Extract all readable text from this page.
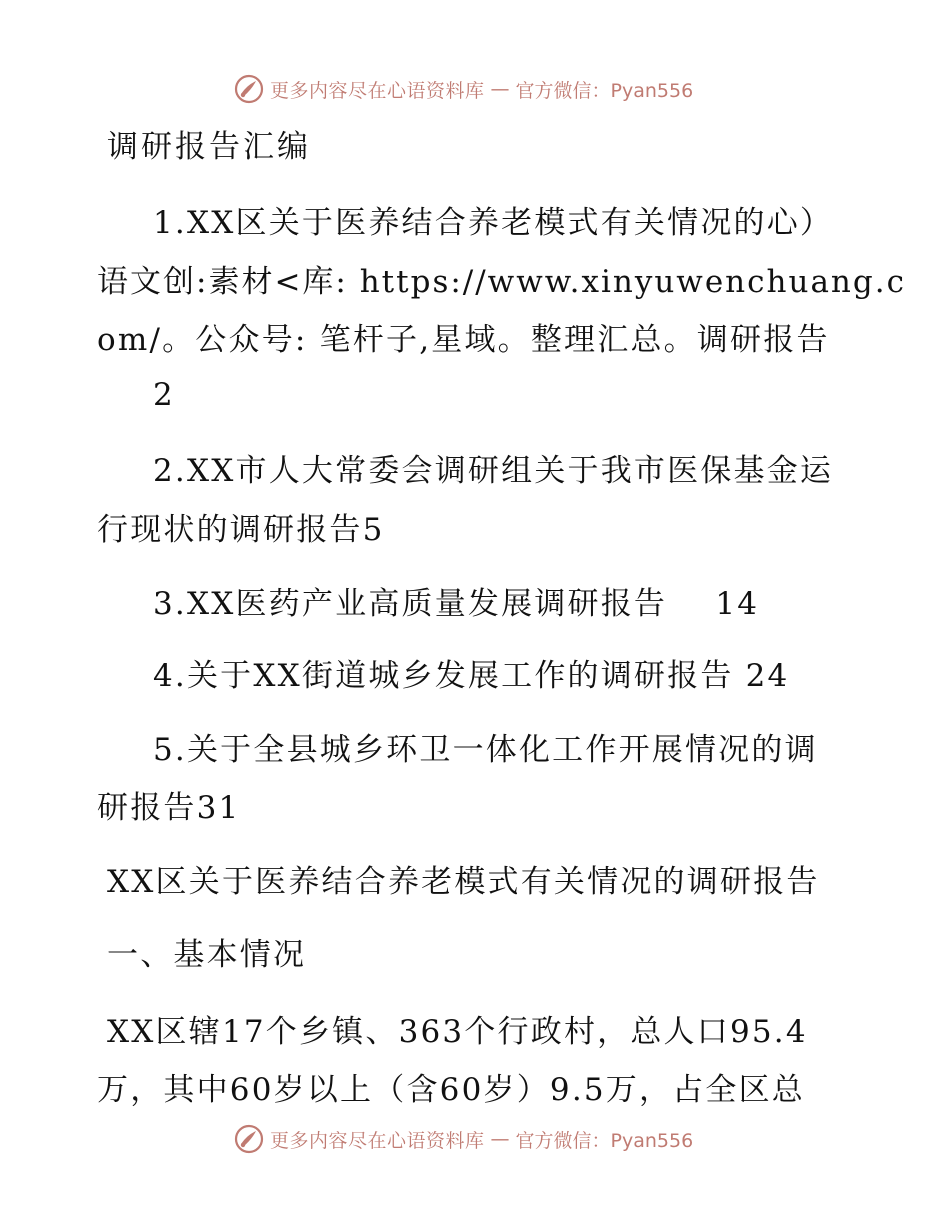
更多内容尽在心语资料库 — 官方微信：Pyan556
调研报告汇编
1.XX区关于医养结合养老模式有关情况的心）
语文创:素材<库: https://www.xinyuwenchuang.c
om/。公众号: 笔杆子,星域。整理汇总。调研报告
2
2.XX市人大常委会调研组关于我市医保基金运
行现状的调研报告5
3.XX医药产业高质量发展调研报告    14
4.关于XX街道城乡发展工作的调研报告 24
5.关于全县城乡环卫一体化工作开展情况的调
研报告31
XX区关于医养结合养老模式有关情况的调研报告
一、基本情况
XX区辖17个乡镇、363个行政村，总人口95.4
万，其中60岁以上（含60岁）9.5万，占全区总
更多内容尽在心语资料库 — 官方微信：Pyan556
